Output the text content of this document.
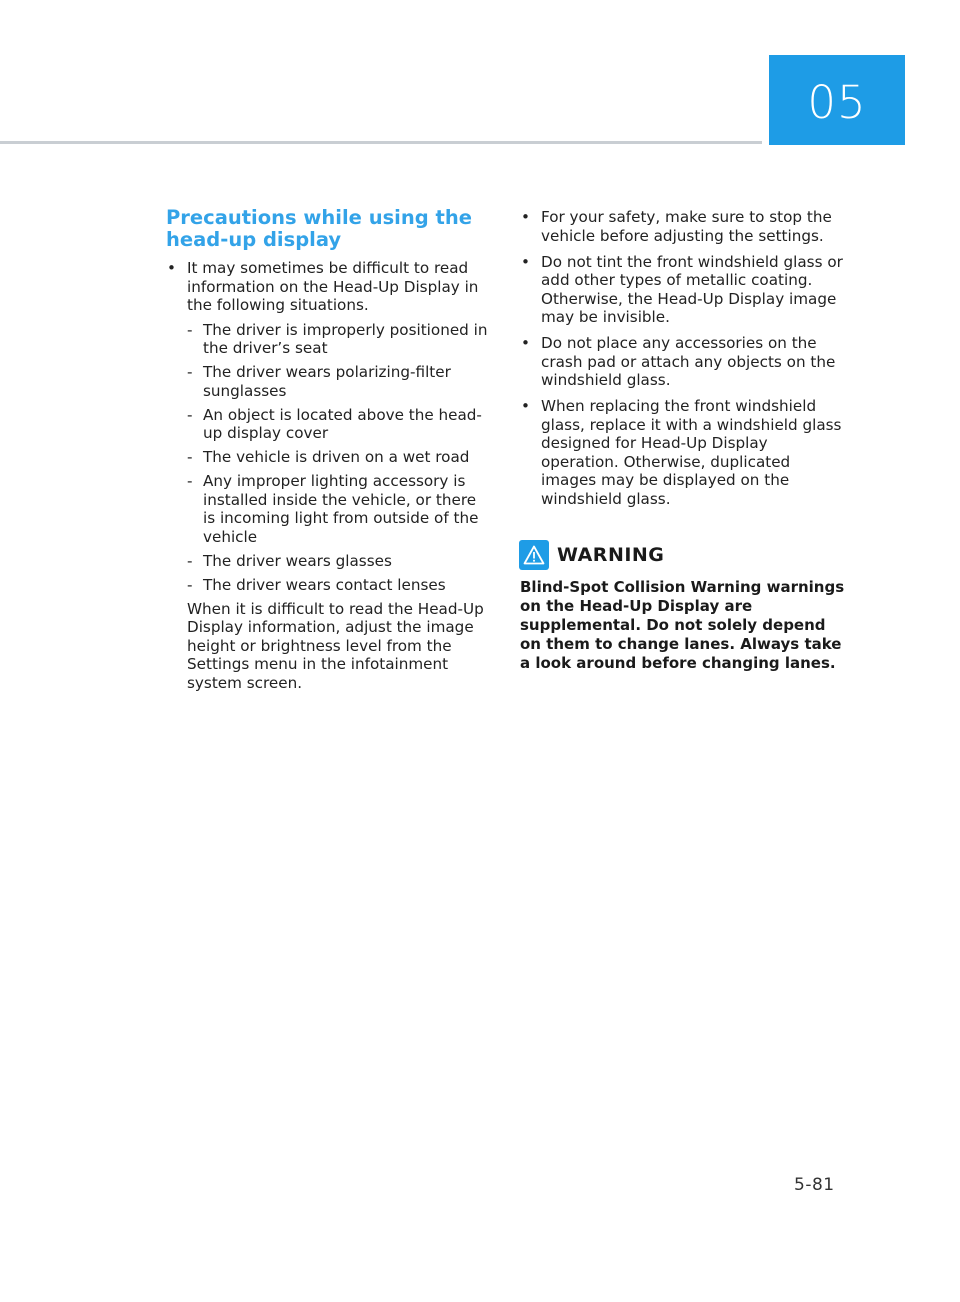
05
Precautions while using the
head-up display
• It may sometimes be difficult to read information on the Head-Up Display in the following situations.
- The driver is improperly positioned in the driver’s seat
- The driver wears polarizing-filter sunglasses
- An object is located above the head-up display cover
- The vehicle is driven on a wet road
- Any improper lighting accessory is installed inside the vehicle, or there is incoming light from outside of the vehicle
- The driver wears glasses
- The driver wears contact lenses

When it is difficult to read the Head-Up Display information, adjust the image height or brightness level from the Settings menu in the infotainment system screen.

• For your safety, make sure to stop the vehicle before adjusting the settings.
• Do not tint the front windshield glass or add other types of metallic coating. Otherwise, the Head-Up Display image may be invisible.
• Do not place any accessories on the crash pad or attach any objects on the windshield glass.
• When replacing the front windshield glass, replace it with a windshield glass designed for Head-Up Display operation. Otherwise, duplicated images may be displayed on the windshield glass.
WARNING

Blind-Spot Collision Warning warnings on the Head-Up Display are supplemental. Do not solely depend on them to change lanes. Always take a look around before changing lanes.

5-81
